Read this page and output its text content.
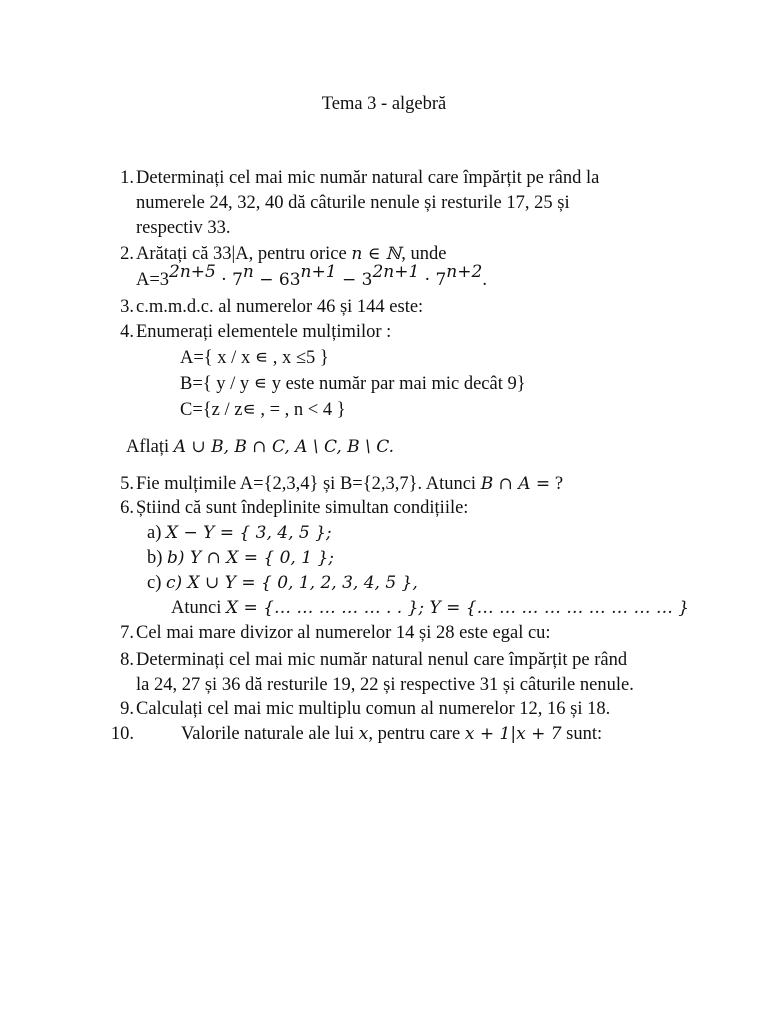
Tema 3 - algebră
1. Determinați cel mai mic număr natural care împărțit pe rând la
numerele 24, 32, 40 dă câturile nenule și resturile 17, 25 și
respectiv 33.
2. Arătați că 33|A, pentru orice n ∈ ℕ, unde
$A=3^{2n+5} \cdot 7^n - 63^{n+1} - 3^{2n+1} \cdot 7^{n+2}$.
3. c.m.m.d.c. al numerelor 46 și 144 este:
4. Enumerați elementele mulțimilor :
A={ x / x ∊ , x ≤5 }
B={ y / y ∊ y este număr par mai mic decât 9}
C={z / z∊ , = , n < 4 }
Aflați A ∪ B, B ∩ C, A \ C, B \ C.
5. Fie mulțimile A={2,3,4} și B={2,3,7}. Atunci B ∩ A = ?
6. Știind că sunt îndeplinite simultan condițiile:
a) X − Y = { 3, 4, 5 };
b) b) Y ∩ X = { 0, 1 };
c) c) X ∪ Y = { 0, 1, 2, 3, 4, 5 },
Atunci X = {… … … … … . . }; Y = {… … … … … … … … … }
7. Cel mai mare divizor al numerelor 14 și 28 este egal cu:
8. Determinați cel mai mic număr natural nenul care împărțit pe rând
la 24, 27 și 36 dă resturile 19, 22 și respective 31 și câturile nenule.
9. Calculați cel mai mic multiplu comun al numerelor 12, 16 și 18.
10.	Valorile naturale ale lui x, pentru care x + 1|x + 7 sunt:
